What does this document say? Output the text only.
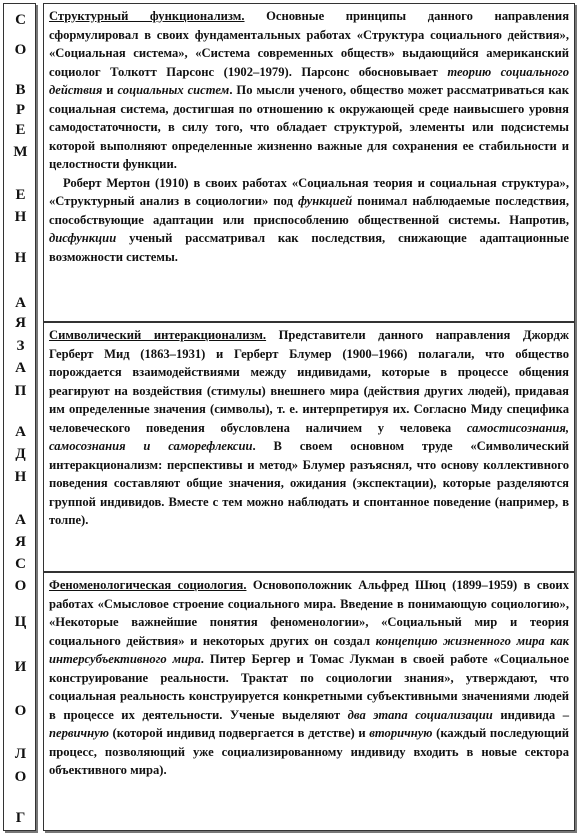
С
О
В
Р
Е
М
Е
Н
Н
А
Я
З
А
П
А
Д
Н
А
Я
С
О
Ц
И
О
Л
О
Г

Структурный функционализм. Основные принципы данного направления сформулировал в своих фундаментальных работах «Структура социального действия», «Социальная система», «Система современных обществ» выдающийся американский социолог Толкотт Парсонс (1902–1979). Парсонс обосновывает теорию социального действия и социальных систем. По мысли ученого, общество может рассматриваться как социальная система, достигшая по отношению к окружающей среде наивысшего уровня самодостаточности, в силу того, что обладает структурой, элементы или подсистемы которой выполняют определенные жизненно важные для сохранения ее стабильности и целостности функции.

Роберт Мертон (1910) в своих работах «Социальная теория и социальная структура», «Структурный анализ в социологии» под функцией понимал наблюдаемые последствия, способствующие адаптации или приспособлению общественной системы. Напротив, дисфункции ученый рассматривал как последствия, снижающие адаптационные возможности системы.

Символический интеракционализм. Представители данного направления Джордж Герберт Мид (1863–1931) и Герберт Блумер (1900–1966) полагали, что общество порождается взаимодействиями между индивидами, которые в процессе общения реагируют на воздействия (стимулы) внешнего мира (действия других людей), придавая им определенные значения (символы), т. е. интерпретируя их. Согласно Миду специфика человеческого поведения обусловлена наличием у человека самостисознания, самосознания и саморефлексии. В своем основном труде «Символический интеракционализм: перспективы и метод» Блумер разъяснял, что основу коллективного поведения составляют общие значения, ожидания (экспектации), которые разделяются группой индивидов. Вместе с тем можно наблюдать и спонтанное поведение (например, в толпе).

Феноменологическая социология. Основоположник Альфред Шюц (1899–1959) в своих работах «Смысловое строение социального мира. Введение в понимающую социологию», «Некоторые важнейшие понятия феноменологии», «Социальный мир и теория социального действия» и некоторых других он создал концепцию жизненного мира как интерсубъективного мира. Питер Бергер и Томас Лукман в своей работе «Социальное конструирование реальности. Трактат по социологии знания», утверждают, что социальная реальность конструируется конкретными субъективными значениями людей в процессе их деятельности. Ученые выделяют два этапа социализации индивида – первичную (которой индивид подвергается в детстве) и вторичную (каждый последующий процесс, позволяющий уже социализированному индивиду входить в новые сектора объективного мира).
